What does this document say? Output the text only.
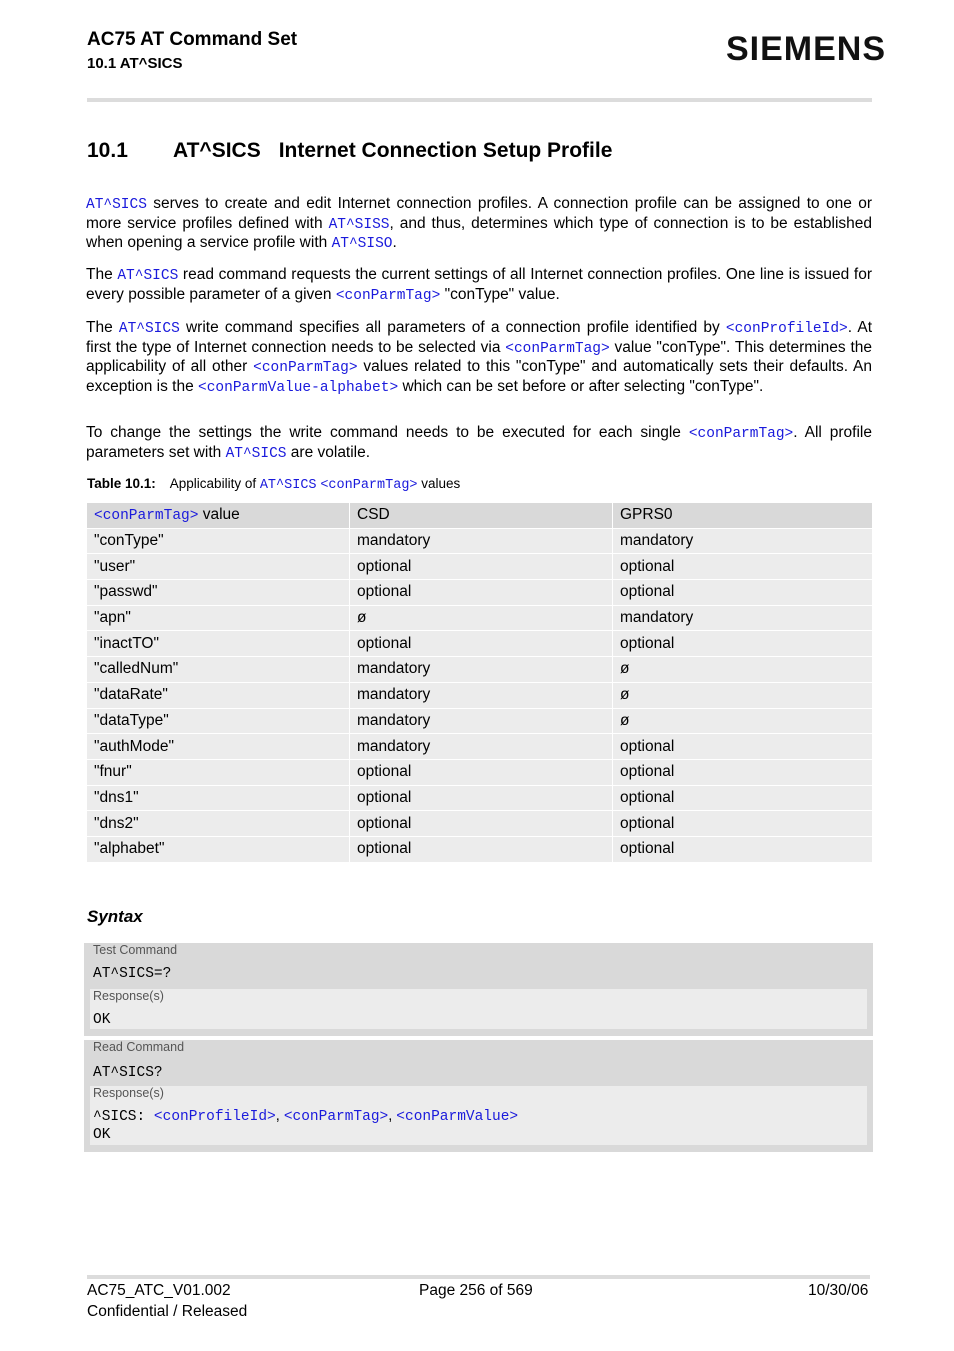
AC75 AT Command Set
10.1 AT^SICS	SIEMENS
10.1 AT^SICS Internet Connection Setup Profile
AT^SICS serves to create and edit Internet connection profiles. A connection profile can be assigned to one or more service profiles defined with AT^SISS, and thus, determines which type of connection is to be established when opening a service profile with AT^SISO.
The AT^SICS read command requests the current settings of all Internet connection profiles. One line is issued for every possible parameter of a given <conParmTag> "conType" value.
The AT^SICS write command specifies all parameters of a connection profile identified by <conProfileId>. At first the type of Internet connection needs to be selected via <conParmTag> value "conType". This determines the applicability of all other <conParmTag> values related to this "conType" and automatically sets their defaults. An exception is the <conParmValue-alphabet> which can be set before or after selecting "conType".
To change the settings the write command needs to be executed for each single <conParmTag>. All profile parameters set with AT^SICS are volatile.
Table 10.1: Applicability of AT^SICS <conParmTag> values
<conParmTag> value	CSD	GPRS0
"conType"	mandatory	mandatory
"user"	optional	optional
"passwd"	optional	optional
"apn"	ø	mandatory
"inactTO"	optional	optional
"calledNum"	mandatory	ø
"dataRate"	mandatory	ø
"dataType"	mandatory	ø
"authMode"	mandatory	optional
"fnur"	optional	optional
"dns1"	optional	optional
"dns2"	optional	optional
"alphabet"	optional	optional
Syntax
Test Command
AT^SICS=?
Response(s)
OK
Read Command
AT^SICS?
Response(s)
^SICS: <conProfileId>, <conParmTag>, <conParmValue>
OK
AC75_ATC_V01.002
Confidential / Released
Page 256 of 569	10/30/06
